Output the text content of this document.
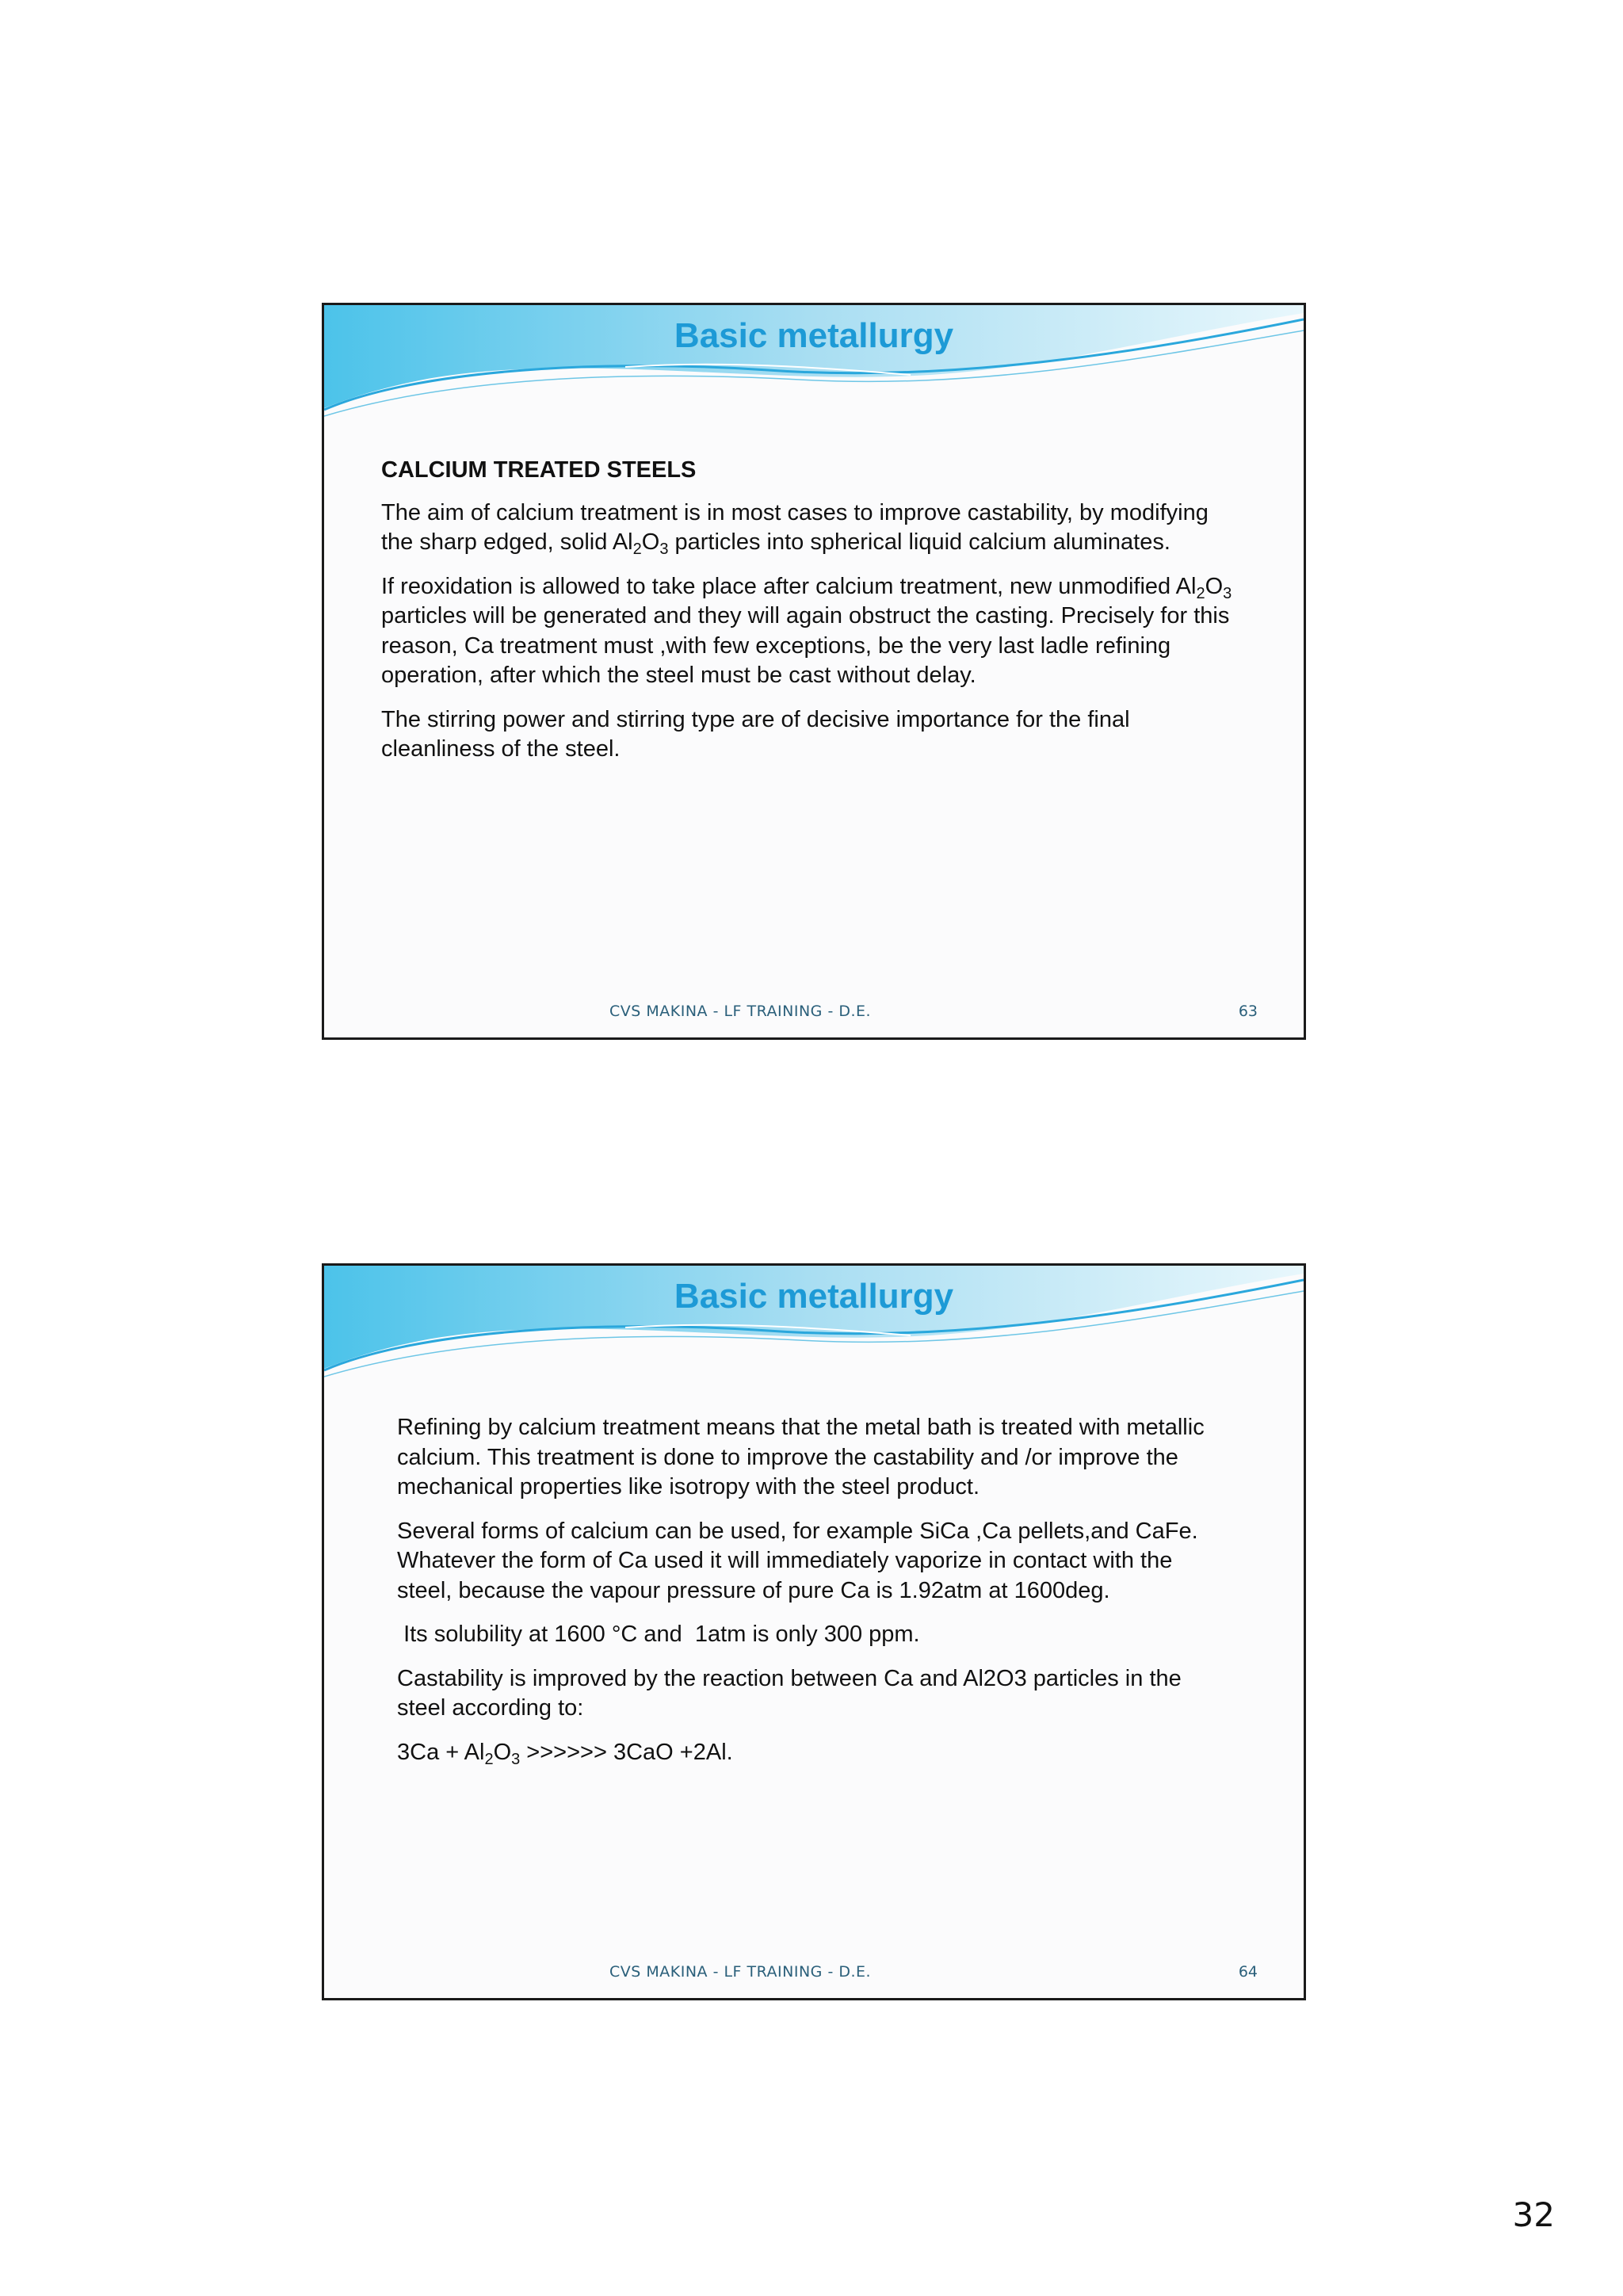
Basic metallurgy

CALCIUM TREATED STEELS

The aim of calcium treatment is in most cases to improve castability, by modifying the sharp edged, solid $Al_2O_3$ particles into spherical liquid calcium aluminates.

If reoxidation is allowed to take place after calcium treatment, new unmodified $Al_2O_3$ particles will be generated and they will again obstruct the casting. Precisely for this reason, Ca treatment must ,with few exceptions, be the very last ladle refining operation, after which the steel must be cast without delay.

The stirring power and stirring type are of decisive importance for the final cleanliness of the steel.

CVS MAKINA - LF TRAINING - D.E.	63
Basic metallurgy

Refining by calcium treatment means that the metal bath is treated with metallic calcium. This treatment is done to improve the castability and /or improve the mechanical properties like isotropy with the steel product.

Several forms of calcium can be used, for example SiCa ,Ca pellets,and CaFe. Whatever the form of Ca used it will immediately vaporize in contact with the steel, because the vapour pressure of pure Ca is 1.92atm at 1600deg.

Its solubility at 1600 °C and  1atm is only 300 ppm.

Castability is improved by the reaction between Ca and Al2O3 particles in the steel according to:

$3Ca + Al_2O_3$ >>>>>> 3CaO +2Al.

CVS MAKINA - LF TRAINING - D.E.	64
32
